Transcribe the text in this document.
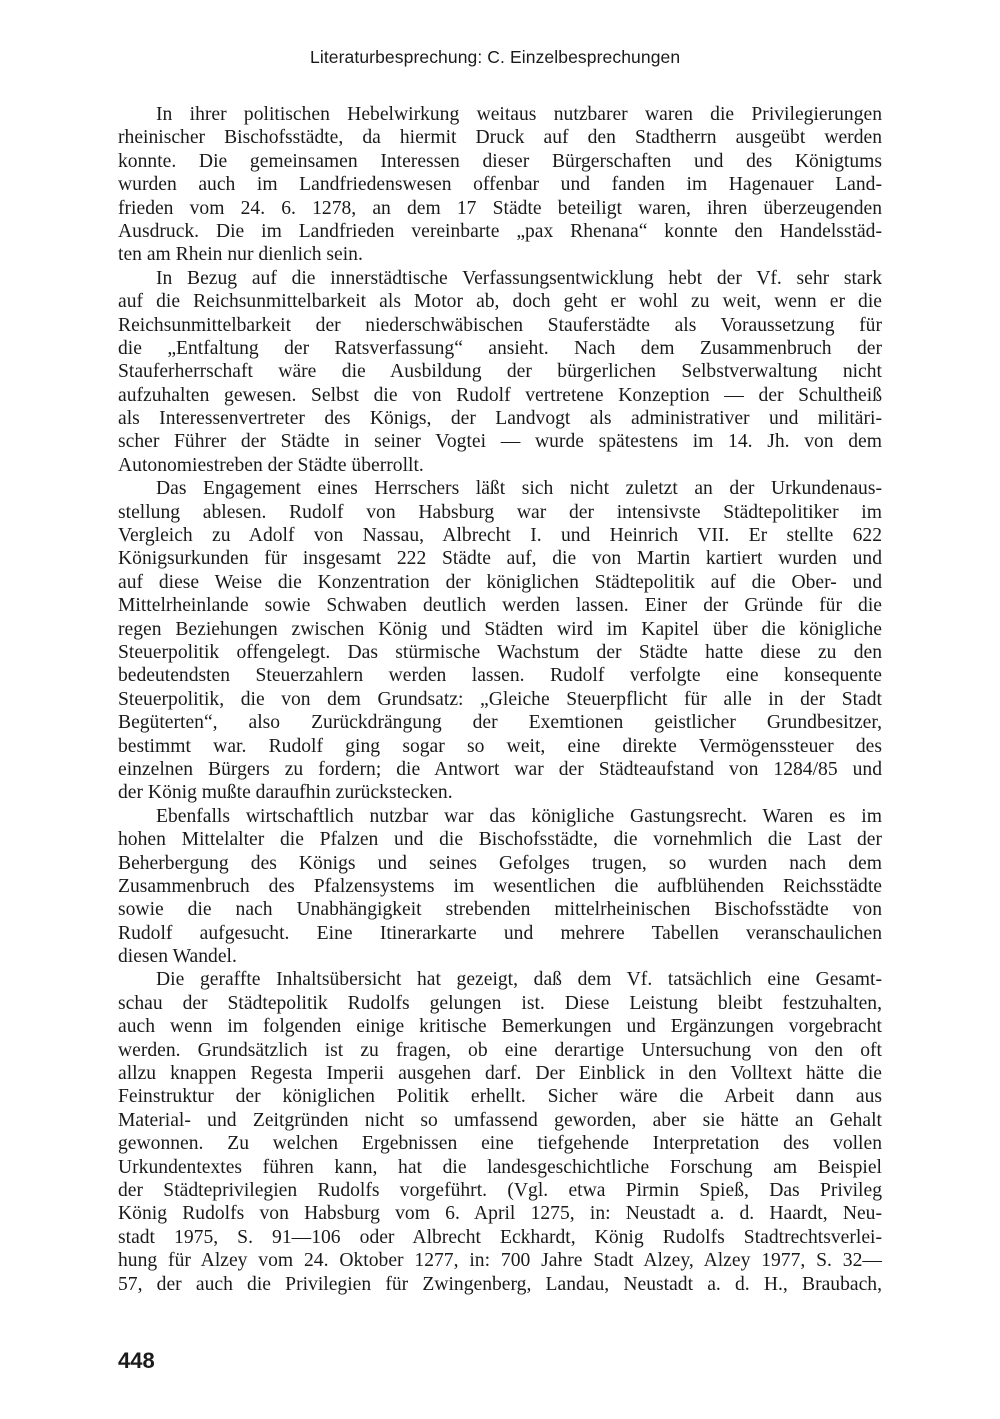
Literaturbesprechung: C. Einzelbesprechungen
In ihrer politischen Hebelwirkung weitaus nutzbarer waren die Privilegierungen
rheinischer Bischofsstädte, da hiermit Druck auf den Stadtherrn ausgeübt werden
konnte. Die gemeinsamen Interessen dieser Bürgerschaften und des Königtums
wurden auch im Landfriedenswesen offenbar und fanden im Hagenauer Land-
frieden vom 24. 6. 1278, an dem 17 Städte beteiligt waren, ihren überzeugenden
Ausdruck. Die im Landfrieden vereinbarte „pax Rhenana“ konnte den Handelsstäd-
ten am Rhein nur dienlich sein.
In Bezug auf die innerstädtische Verfassungsentwicklung hebt der Vf. sehr stark
auf die Reichsunmittelbarkeit als Motor ab, doch geht er wohl zu weit, wenn er die
Reichsunmittelbarkeit der niederschwäbischen Stauferstädte als Voraussetzung für
die „Entfaltung der Ratsverfassung“ ansieht. Nach dem Zusammenbruch der
Stauferherrschaft wäre die Ausbildung der bürgerlichen Selbstverwaltung nicht
aufzuhalten gewesen. Selbst die von Rudolf vertretene Konzeption — der Schultheiß
als Interessenvertreter des Königs, der Landvogt als administrativer und militäri-
scher Führer der Städte in seiner Vogtei — wurde spätestens im 14. Jh. von dem
Autonomiestreben der Städte überrollt.
Das Engagement eines Herrschers läßt sich nicht zuletzt an der Urkundenaus-
stellung ablesen. Rudolf von Habsburg war der intensivste Städtepolitiker im
Vergleich zu Adolf von Nassau, Albrecht I. und Heinrich VII. Er stellte 622
Königsurkunden für insgesamt 222 Städte auf, die von Martin kartiert wurden und
auf diese Weise die Konzentration der königlichen Städtepolitik auf die Ober- und
Mittelrheinlande sowie Schwaben deutlich werden lassen. Einer der Gründe für die
regen Beziehungen zwischen König und Städten wird im Kapitel über die königliche
Steuerpolitik offengelegt. Das stürmische Wachstum der Städte hatte diese zu den
bedeutendsten Steuerzahlern werden lassen. Rudolf verfolgte eine konsequente
Steuerpolitik, die von dem Grundsatz: „Gleiche Steuerpflicht für alle in der Stadt
Begüterten“, also Zurückdrängung der Exemtionen geistlicher Grundbesitzer,
bestimmt war. Rudolf ging sogar so weit, eine direkte Vermögenssteuer des
einzelnen Bürgers zu fordern; die Antwort war der Städteaufstand von 1284/85 und
der König mußte daraufhin zurückstecken.
Ebenfalls wirtschaftlich nutzbar war das königliche Gastungsrecht. Waren es im
hohen Mittelalter die Pfalzen und die Bischofsstädte, die vornehmlich die Last der
Beherbergung des Königs und seines Gefolges trugen, so wurden nach dem
Zusammenbruch des Pfalzensystems im wesentlichen die aufblühenden Reichsstädte
sowie die nach Unabhängigkeit strebenden mittelrheinischen Bischofsstädte von
Rudolf aufgesucht. Eine Itinerarkarte und mehrere Tabellen veranschaulichen
diesen Wandel.
Die geraffte Inhaltsübersicht hat gezeigt, daß dem Vf. tatsächlich eine Gesamt-
schau der Städtepolitik Rudolfs gelungen ist. Diese Leistung bleibt festzuhalten,
auch wenn im folgenden einige kritische Bemerkungen und Ergänzungen vorgebracht
werden. Grundsätzlich ist zu fragen, ob eine derartige Untersuchung von den oft
allzu knappen Regesta Imperii ausgehen darf. Der Einblick in den Volltext hätte die
Feinstruktur der königlichen Politik erhellt. Sicher wäre die Arbeit dann aus
Material- und Zeitgründen nicht so umfassend geworden, aber sie hätte an Gehalt
gewonnen. Zu welchen Ergebnissen eine tiefgehende Interpretation des vollen
Urkundentextes führen kann, hat die landesgeschichtliche Forschung am Beispiel
der Städteprivilegien Rudolfs vorgeführt. (Vgl. etwa Pirmin Spieß, Das Privileg
König Rudolfs von Habsburg vom 6. April 1275, in: Neustadt a. d. Haardt, Neu-
stadt 1975, S. 91—106 oder Albrecht Eckhardt, König Rudolfs Stadtrechtsverlei-
hung für Alzey vom 24. Oktober 1277, in: 700 Jahre Stadt Alzey, Alzey 1977, S. 32—
57, der auch die Privilegien für Zwingenberg, Landau, Neustadt a. d. H., Braubach,
448
